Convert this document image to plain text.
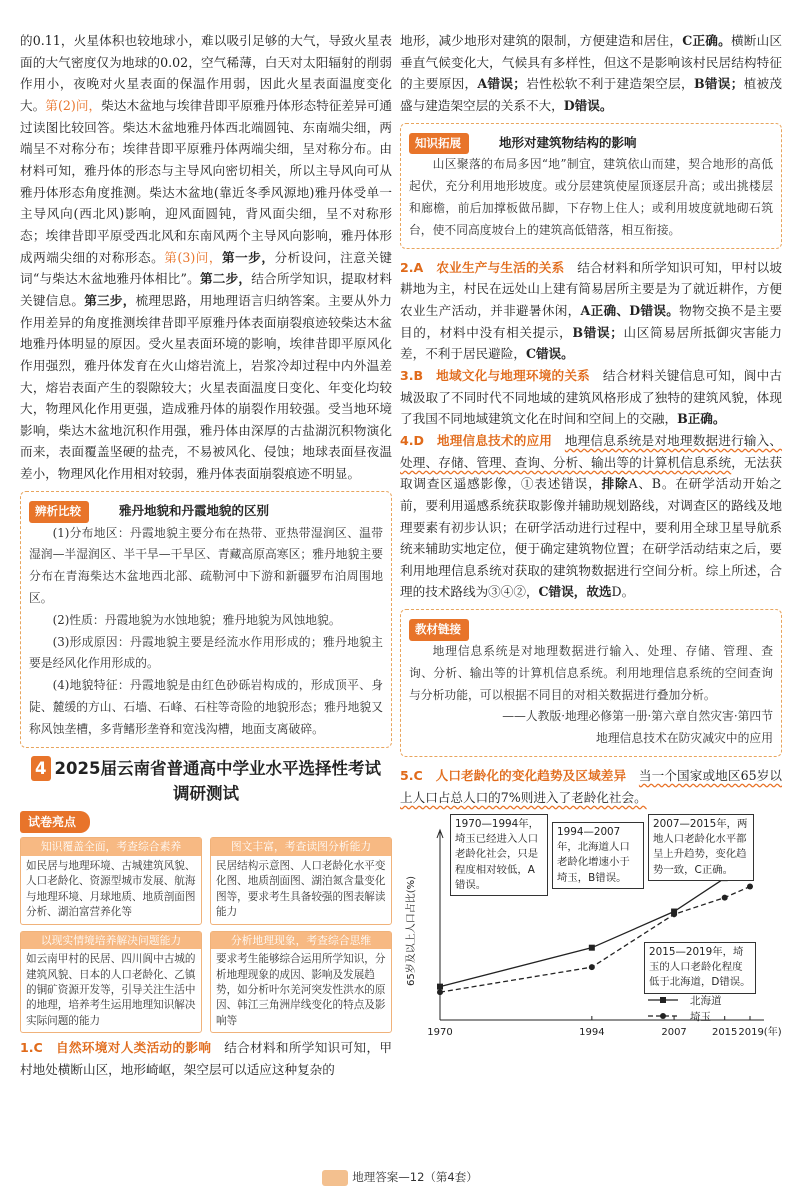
的0.11，火星体积也较地球小，难以吸引足够的大气，导致火星表面的大气密度仅为地球的0.02，空气稀薄，白天对太阳辐射的削弱作用小，夜晚对火星表面的保温作用弱，因此火星表面温度变化大。第(2)问，柴达木盆地与埃律昔即平原雅丹体形态特征差异可通过读图比较回答。柴达木盆地雅丹体西北端圆钝、东南端尖细，两端呈不对称分布；埃律昔即平原雅丹体两端尖细，呈对称分布。由材料可知，雅丹体的形态与主导风向密切相关，所以主导风向可从雅丹体形态角度推测。柴达木盆地(靠近冬季风源地)雅丹体受单一主导风向(西北风)影响，迎风面圆钝，背风面尖细，呈不对称形态；埃律昔即平原受西北风和东南风两个主导风向影响，雅丹体形成两端尖细的对称形态。第(3)问，第一步，分析设问，注意关键词“与柴达木盆地雅丹体相比”。第二步，结合所学知识，提取材料关键信息。第三步，梳理思路，用地理语言归纳答案。主要从外力作用差异的角度推测埃律昔即平原雅丹体表面崩裂痕迹较柴达木盆地雅丹体明显的原因。受火星表面环境的影响，埃律昔即平原风化作用强烈，雅丹体发育在火山熔岩流上，岩浆冷却过程中内外温差大，熔岩表面产生的裂隙较大；火星表面温度日变化、年变化均较大，物理风化作用更强，造成雅丹体的崩裂作用较强。受当地环境影响，柴达木盆地沉积作用强，雅丹体由深厚的古盐湖沉积物演化而来，表面覆盖坚硬的盐壳，不易被风化、侵蚀；地球表面昼夜温差小，物理风化作用相对较弱，雅丹体表面崩裂痕迹不明显。

辨析比较	雅丹地貌和丹霞地貌的区别

(1)分布地区：丹霞地貌主要分布在热带、亚热带湿润区、温带湿润—半湿润区、半干旱—干旱区、青藏高原高寒区；雅丹地貌主要分布在青海柴达木盆地西北部、疏勒河中下游和新疆罗布泊周围地区。

(2)性质：丹霞地貌为水蚀地貌；雅丹地貌为风蚀地貌。

(3)形成原因：丹霞地貌主要是经流水作用形成的；雅丹地貌主要是经风化作用形成的。

(4)地貌特征：丹霞地貌是由红色砂砾岩构成的，形成顶平、身陡、麓缓的方山、石墙、石峰、石柱等奇险的地貌形态；雅丹地貌又称风蚀垄槽，多背鳍形垄脊和宽浅沟槽，地面支离破碎。

4 2025届云南省普通高中学业水平选择性考试
调研测试
试卷亮点
知识覆盖全面，考查综合素养
如民居与地理环境、古城建筑风貌、人口老龄化、资源型城市发展、航海与地理环境、月球地质、地质剖面图分析、湖泊富营养化等
图文丰富，考查读图分析能力
民居结构示意图、人口老龄化水平变化图、地质剖面图、湖泊氮含量变化图等，要求考生具备较强的图表解读能力
以现实情境培养解决问题能力
如云南甲村的民居、四川阆中古城的建筑风貌、日本的人口老龄化、乙镇的铜矿资源开发等，引导关注生活中的地理，培养考生运用地理知识解决实际问题的能力
分析地理现象，考查综合思维
要求考生能够综合运用所学知识，分析地理现象的成因、影响及发展趋势，如分析叶尔羌河突发性洪水的原因、韩江三角洲岸线变化的特点及影响等

1.C　自然环境对人类活动的影响　 结合材料和所学知识可知，甲村地处横断山区，地形崎岖，架空层可以适应这种复杂的

地形，减少地形对建筑的限制，方便建造和居住，C正确。横断山区垂直气候变化大，气候具有多样性，但这不是影响该村民居结构特征的主要原因，A错误；岩性松软不利于建造架空层，B错误；植被茂盛与建造架空层的关系不大，D错误。

知识拓展	地形对建筑物结构的影响

山区聚落的布局多因“地”制宜，建筑依山而建，契合地形的高低起伏，充分利用地形坡度。或分层建筑使屋顶逐层升高；或出挑楼层和廊檐，前后加撑板做吊脚，下存物上住人；或利用坡度就地砌石筑台，使不同高度坡台上的建筑高低错落，相互衔接。

2.A　农业生产与生活的关系　 结合材料和所学知识可知，甲村以坡耕地为主，村民在远处山上建有简易居所主要是为了就近耕作，方便农业生产活动，并非避暑休闲，A正确、D错误。物物交换不是主要目的，材料中没有相关提示，B错误；山区简易居所抵御灾害能力差，不利于居民避险，C错误。

3.B　地域文化与地理环境的关系　 结合材料关键信息可知，阆中古城汲取了不同时代不同地域的建筑风格形成了独特的建筑风貌，体现了我国不同地域建筑文化在时间和空间上的交融，B正确。

4.D　地理信息技术的应用　 地理信息系统是对地理数据进行输入、处理、存储、管理、查询、分析、输出等的计算机信息系统，无法获取调查区遥感影像，①表述错误，排除A、B。在研学活动开始之前，要利用遥感系统获取影像并辅助规划路线，对调查区的路线及地理要素有初步认识；在研学活动进行过程中，要利用全球卫星导航系统来辅助实地定位，便于确定建筑物位置；在研学活动结束之后，要利用地理信息系统对获取的建筑物数据进行空间分析。综上所述，合理的技术路线为③④②，C错误，故选D。

教材链接

地理信息系统是对地理数据进行输入、处理、存储、管理、查询、分析、输出等的计算机信息系统。利用地理信息系统的空间查询与分析功能，可以根据不同目的对相关数据进行叠加分析。

——人教版·地理必修第一册·第六章自然灾害·第四节

地理信息技术在防灾减灾中的应用

5.C　人口老龄化的变化趋势及区域差异　 当一个国家或地区65岁以上人口占总人口的7%则进入了老龄化社会。

65岁及以上人口占比(%)
1970	1994	2007	2015 2019(年)
北海道
埼玉
1970—1994年，埼玉已经进入人口老龄化社会，只是程度相对较低，A错误。
1994—2007年，北海道人口老龄化增速小于埼玉，B错误。
2007—2015年，两地人口老龄化水平都呈上升趋势，变化趋势一致，C正确。
2015—2019年，埼玉的人口老龄化程度低于北海道，D错误。
地理答案—12（第4套）
